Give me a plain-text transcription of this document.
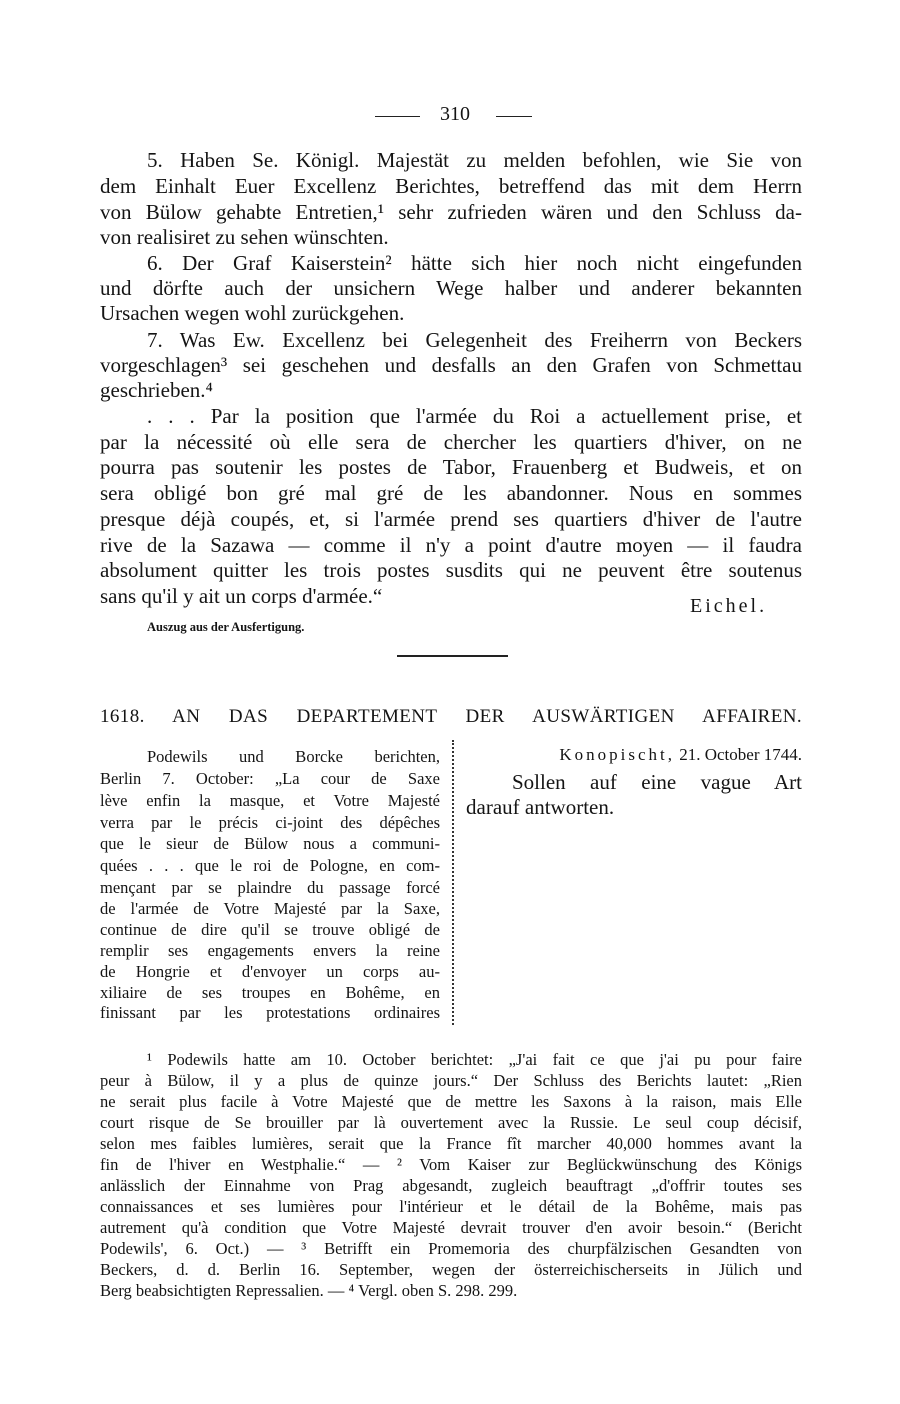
310
5. Haben Se. Königl. Majestät zu melden befohlen, wie Sie von
dem Einhalt Euer Excellenz Berichtes, betreffend das mit dem Herrn
von Bülow gehabte Entretien,¹ sehr zufrieden wären und den Schluss da-
von realisiret zu sehen wünschten.
6. Der Graf Kaiserstein² hätte sich hier noch nicht eingefunden
und dörfte auch der unsichern Wege halber und anderer bekannten
Ursachen wegen wohl zurückgehen.
7. Was Ew. Excellenz bei Gelegenheit des Freiherrn von Beckers
vorgeschlagen³ sei geschehen und desfalls an den Grafen von Schmettau
geschrieben.⁴
. . . Par la position que l'armée du Roi a actuellement prise, et
par la nécessité où elle sera de chercher les quartiers d'hiver, on ne
pourra pas soutenir les postes de Tabor, Frauenberg et Budweis, et on
sera obligé bon gré mal gré de les abandonner. Nous en sommes
presque déjà coupés, et, si l'armée prend ses quartiers d'hiver de l'autre
rive de la Sazawa — comme il n'y a point d'autre moyen — il faudra
absolument quitter les trois postes susdits qui ne peuvent être soutenus
sans qu'il y ait un corps d'armée.“	Eichel.
Auszug aus der Ausfertigung.
1618. AN DAS DEPARTEMENT DER AUSWÄRTIGEN AFFAIREN.
Podewils und Borcke berichten,
Berlin 7. October: „La cour de Saxe
lève enfin la masque, et Votre Majesté
verra par le précis ci-joint des dépêches
que le sieur de Bülow nous a communi-
quées . . . que le roi de Pologne, en com-
mençant par se plaindre du passage forcé
de l'armée de Votre Majesté par la Saxe,
continue de dire qu'il se trouve obligé de
remplir ses engagements envers la reine
de Hongrie et d'envoyer un corps au-
xiliaire de ses troupes en Bohême, en
finissant par les protestations ordinaires
Konopischt, 21. October 1744.
Sollen auf eine vague Art
darauf antworten.
¹ Podewils hatte am 10. October berichtet: „J'ai fait ce que j'ai pu pour faire
peur à Bülow, il y a plus de quinze jours.“ Der Schluss des Berichts lautet: „Rien
ne serait plus facile à Votre Majesté que de mettre les Saxons à la raison, mais Elle
court risque de Se brouiller par là ouvertement avec la Russie. Le seul coup décisif,
selon mes faibles lumières, serait que la France fît marcher 40,000 hommes avant la
fin de l'hiver en Westphalie.“ — ² Vom Kaiser zur Beglückwünschung des Königs
anlässlich der Einnahme von Prag abgesandt, zugleich beauftragt „d'offrir toutes ses
connaissances et ses lumières pour l'intérieur et le détail de la Bohême, mais pas
autrement qu'à condition que Votre Majesté devrait trouver d'en avoir besoin.“ (Bericht
Podewils', 6. Oct.) — ³ Betrifft ein Promemoria des churpfälzischen Gesandten von
Beckers, d. d. Berlin 16. September, wegen der österreichischerseits in Jülich und
Berg beabsichtigten Repressalien. — ⁴ Vergl. oben S. 298. 299.
